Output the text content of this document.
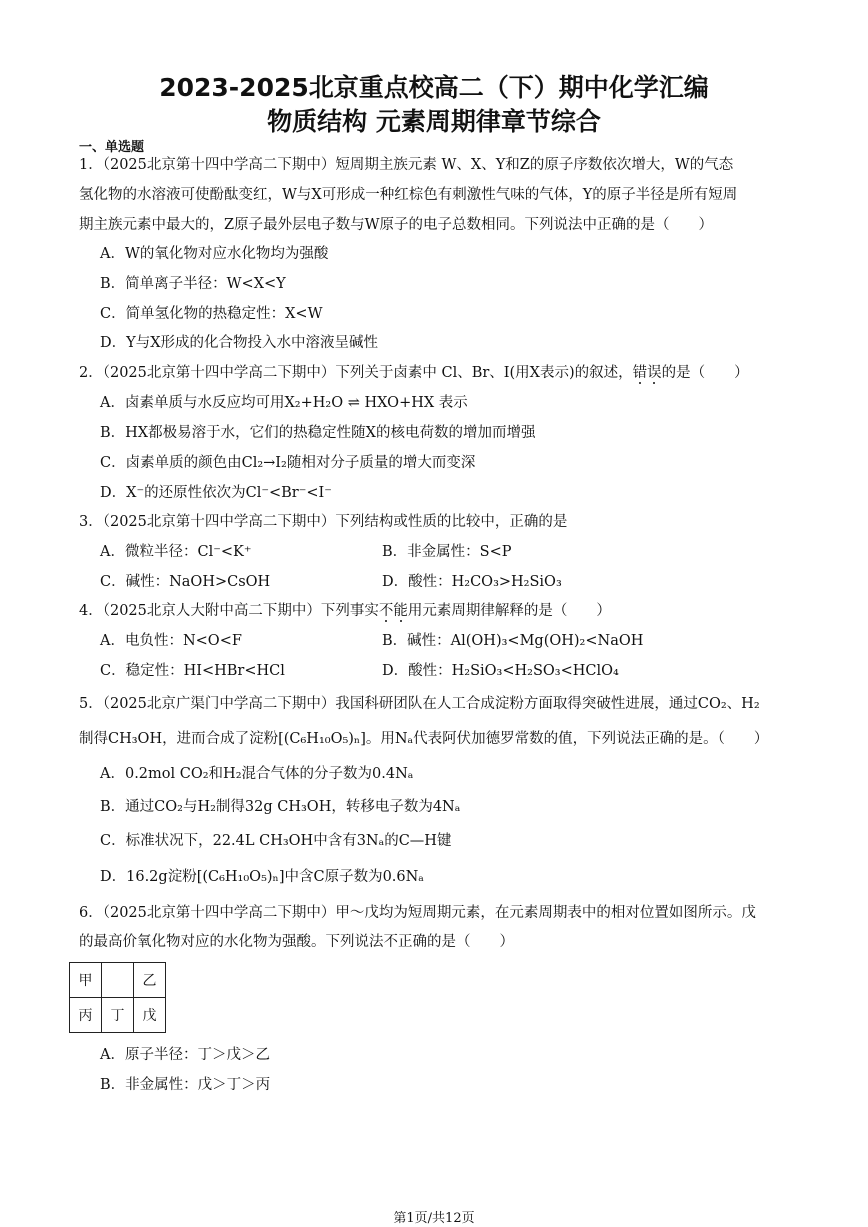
2023-2025北京重点校高二（下）期中化学汇编
物质结构 元素周期律章节综合
一、单选题
1．（2025北京第十四中学高二下期中）短周期主族元素 W、X、Y和Z的原子序数依次增大，W的气态
氢化物的水溶液可使酚酞变红，W与X可形成一种红棕色有刺激性气味的气体，Y的原子半径是所有短周
期主族元素中最大的，Z原子最外层电子数与W原子的电子总数相同。下列说法中正确的是（　　）
A．W的氧化物对应水化物均为强酸
B．简单离子半径：W<X<Y
C．简单氢化物的热稳定性：X<W
D．Y与X形成的化合物投入水中溶液呈碱性
2．（2025北京第十四中学高二下期中）下列关于卤素中 Cl、Br、I(用X表示)的叙述，错误的是（　　）
A．卤素单质与水反应均可用X₂+H₂O ⇌ HXO+HX 表示
B．HX都极易溶于水，它们的热稳定性随X的核电荷数的增加而增强
C．卤素单质的颜色由Cl₂→I₂随相对分子质量的增大而变深
D．X⁻的还原性依次为Cl⁻<Br⁻<I⁻
3．（2025北京第十四中学高二下期中）下列结构或性质的比较中，正确的是
A．微粒半径：Cl⁻<K⁺	B．非金属性：S<P
C．碱性：NaOH>CsOH	D．酸性：H₂CO₃>H₂SiO₃
4．（2025北京人大附中高二下期中）下列事实不能用元素周期律解释的是（　　）
A．电负性：N<O<F	B．碱性：Al(OH)₃<Mg(OH)₂<NaOH
C．稳定性：HI<HBr<HCl	D．酸性：H₂SiO₃<H₂SO₃<HClO₄
5．（2025北京广渠门中学高二下期中）我国科研团队在人工合成淀粉方面取得突破性进展，通过CO₂、H₂
制得CH₃OH，进而合成了淀粉[(C₆H₁₀O₅)ₙ]。用Nₐ代表阿伏加德罗常数的值，下列说法正确的是。（　　）
A．0.2mol CO₂和H₂混合气体的分子数为0.4Nₐ
B．通过CO₂与H₂制得32g CH₃OH，转移电子数为4Nₐ
C．标准状况下，22.4L CH₃OH中含有3Nₐ的C—H键
D．16.2g淀粉[(C₆H₁₀O₅)ₙ]中含C原子数为0.6Nₐ
6．（2025北京第十四中学高二下期中）甲～戊均为短周期元素，在元素周期表中的相对位置如图所示。戊
的最高价氧化物对应的水化物为强酸。下列说法不正确的是（　　）
甲		乙
丙	丁	戊
A．原子半径：丁＞戊＞乙
B．非金属性：戊＞丁＞丙
第1页/共12页
